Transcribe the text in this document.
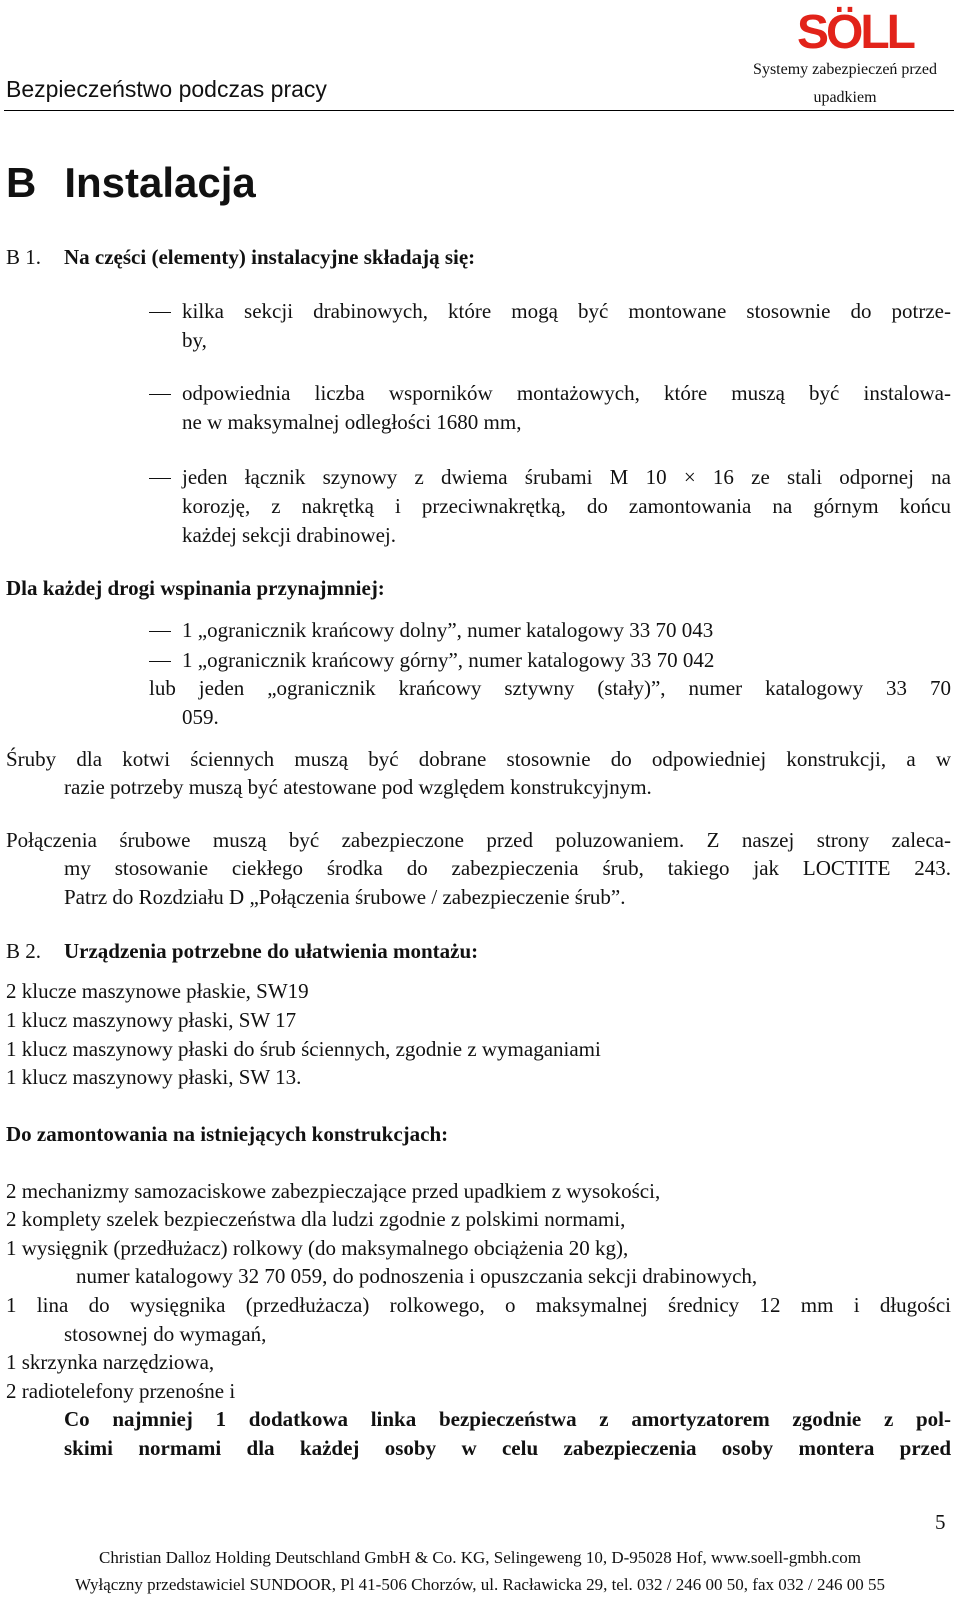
SÖLL
Bezpieczeństwo podczas pracy
Systemy zabezpieczeń przed
upadkiem
B Instalacja
B 1. Na części (elementy) instalacyjne składają się:
kilka sekcji drabinowych, które mogą być montowane stosownie do potrze-
by,
odpowiednia liczba wsporników montażowych, które muszą być instalowa-
ne w maksymalnej odległości 1680 mm,
jeden łącznik szynowy z dwiema śrubami M 10 × 16 ze stali odpornej na
korozję, z nakrętką i przeciwnakrętką, do zamontowania na górnym końcu
każdej sekcji drabinowej.
Dla każdej drogi wspinania przynajmniej:
1 „ogranicznik krańcowy dolny”, numer katalogowy 33 70 043
1 „ogranicznik krańcowy górny”, numer katalogowy 33 70 042
lub jeden „ogranicznik krańcowy sztywny (stały)”, numer katalogowy 33 70
059.
Śruby dla kotwi ściennych muszą być dobrane stosownie do odpowiedniej konstrukcji, a w
razie potrzeby muszą być atestowane pod względem konstrukcyjnym.
Połączenia śrubowe muszą być zabezpieczone przed poluzowaniem. Z naszej strony zaleca-
my stosowanie ciekłego środka do zabezpieczenia śrub, takiego jak LOCTITE 243.
Patrz do Rozdziału D „Połączenia śrubowe / zabezpieczenie śrub”.
B 2. Urządzenia potrzebne do ułatwienia montażu:
2 klucze maszynowe płaskie, SW19
1 klucz maszynowy płaski, SW 17
1 klucz maszynowy płaski do śrub ściennych, zgodnie z wymaganiami
1 klucz maszynowy płaski, SW 13.
Do zamontowania na istniejących konstrukcjach:
2 mechanizmy samozaciskowe zabezpieczające przed upadkiem z wysokości,
2 komplety szelek bezpieczeństwa dla ludzi zgodnie z polskimi normami,
1 wysięgnik (przedłużacz) rolkowy (do maksymalnego obciążenia 20 kg),
numer katalogowy 32 70 059, do podnoszenia i opuszczania sekcji drabinowych,
1 lina do wysięgnika (przedłużacza) rolkowego, o maksymalnej średnicy 12 mm i długości
stosownej do wymagań,
1 skrzynka narzędziowa,
2 radiotelefony przenośne i
Co najmniej 1 dodatkowa linka bezpieczeństwa z amortyzatorem zgodnie z pol-
skimi normami dla każdej osoby w celu zabezpieczenia osoby montera przed
5
Christian Dalloz Holding Deutschland GmbH & Co. KG, Selingeweng 10, D-95028 Hof, www.soell-gmbh.com
Wyłączny przedstawiciel SUNDOOR, Pl 41-506 Chorzów, ul. Racławicka 29, tel. 032 / 246 00 50, fax 032 / 246 00 55
